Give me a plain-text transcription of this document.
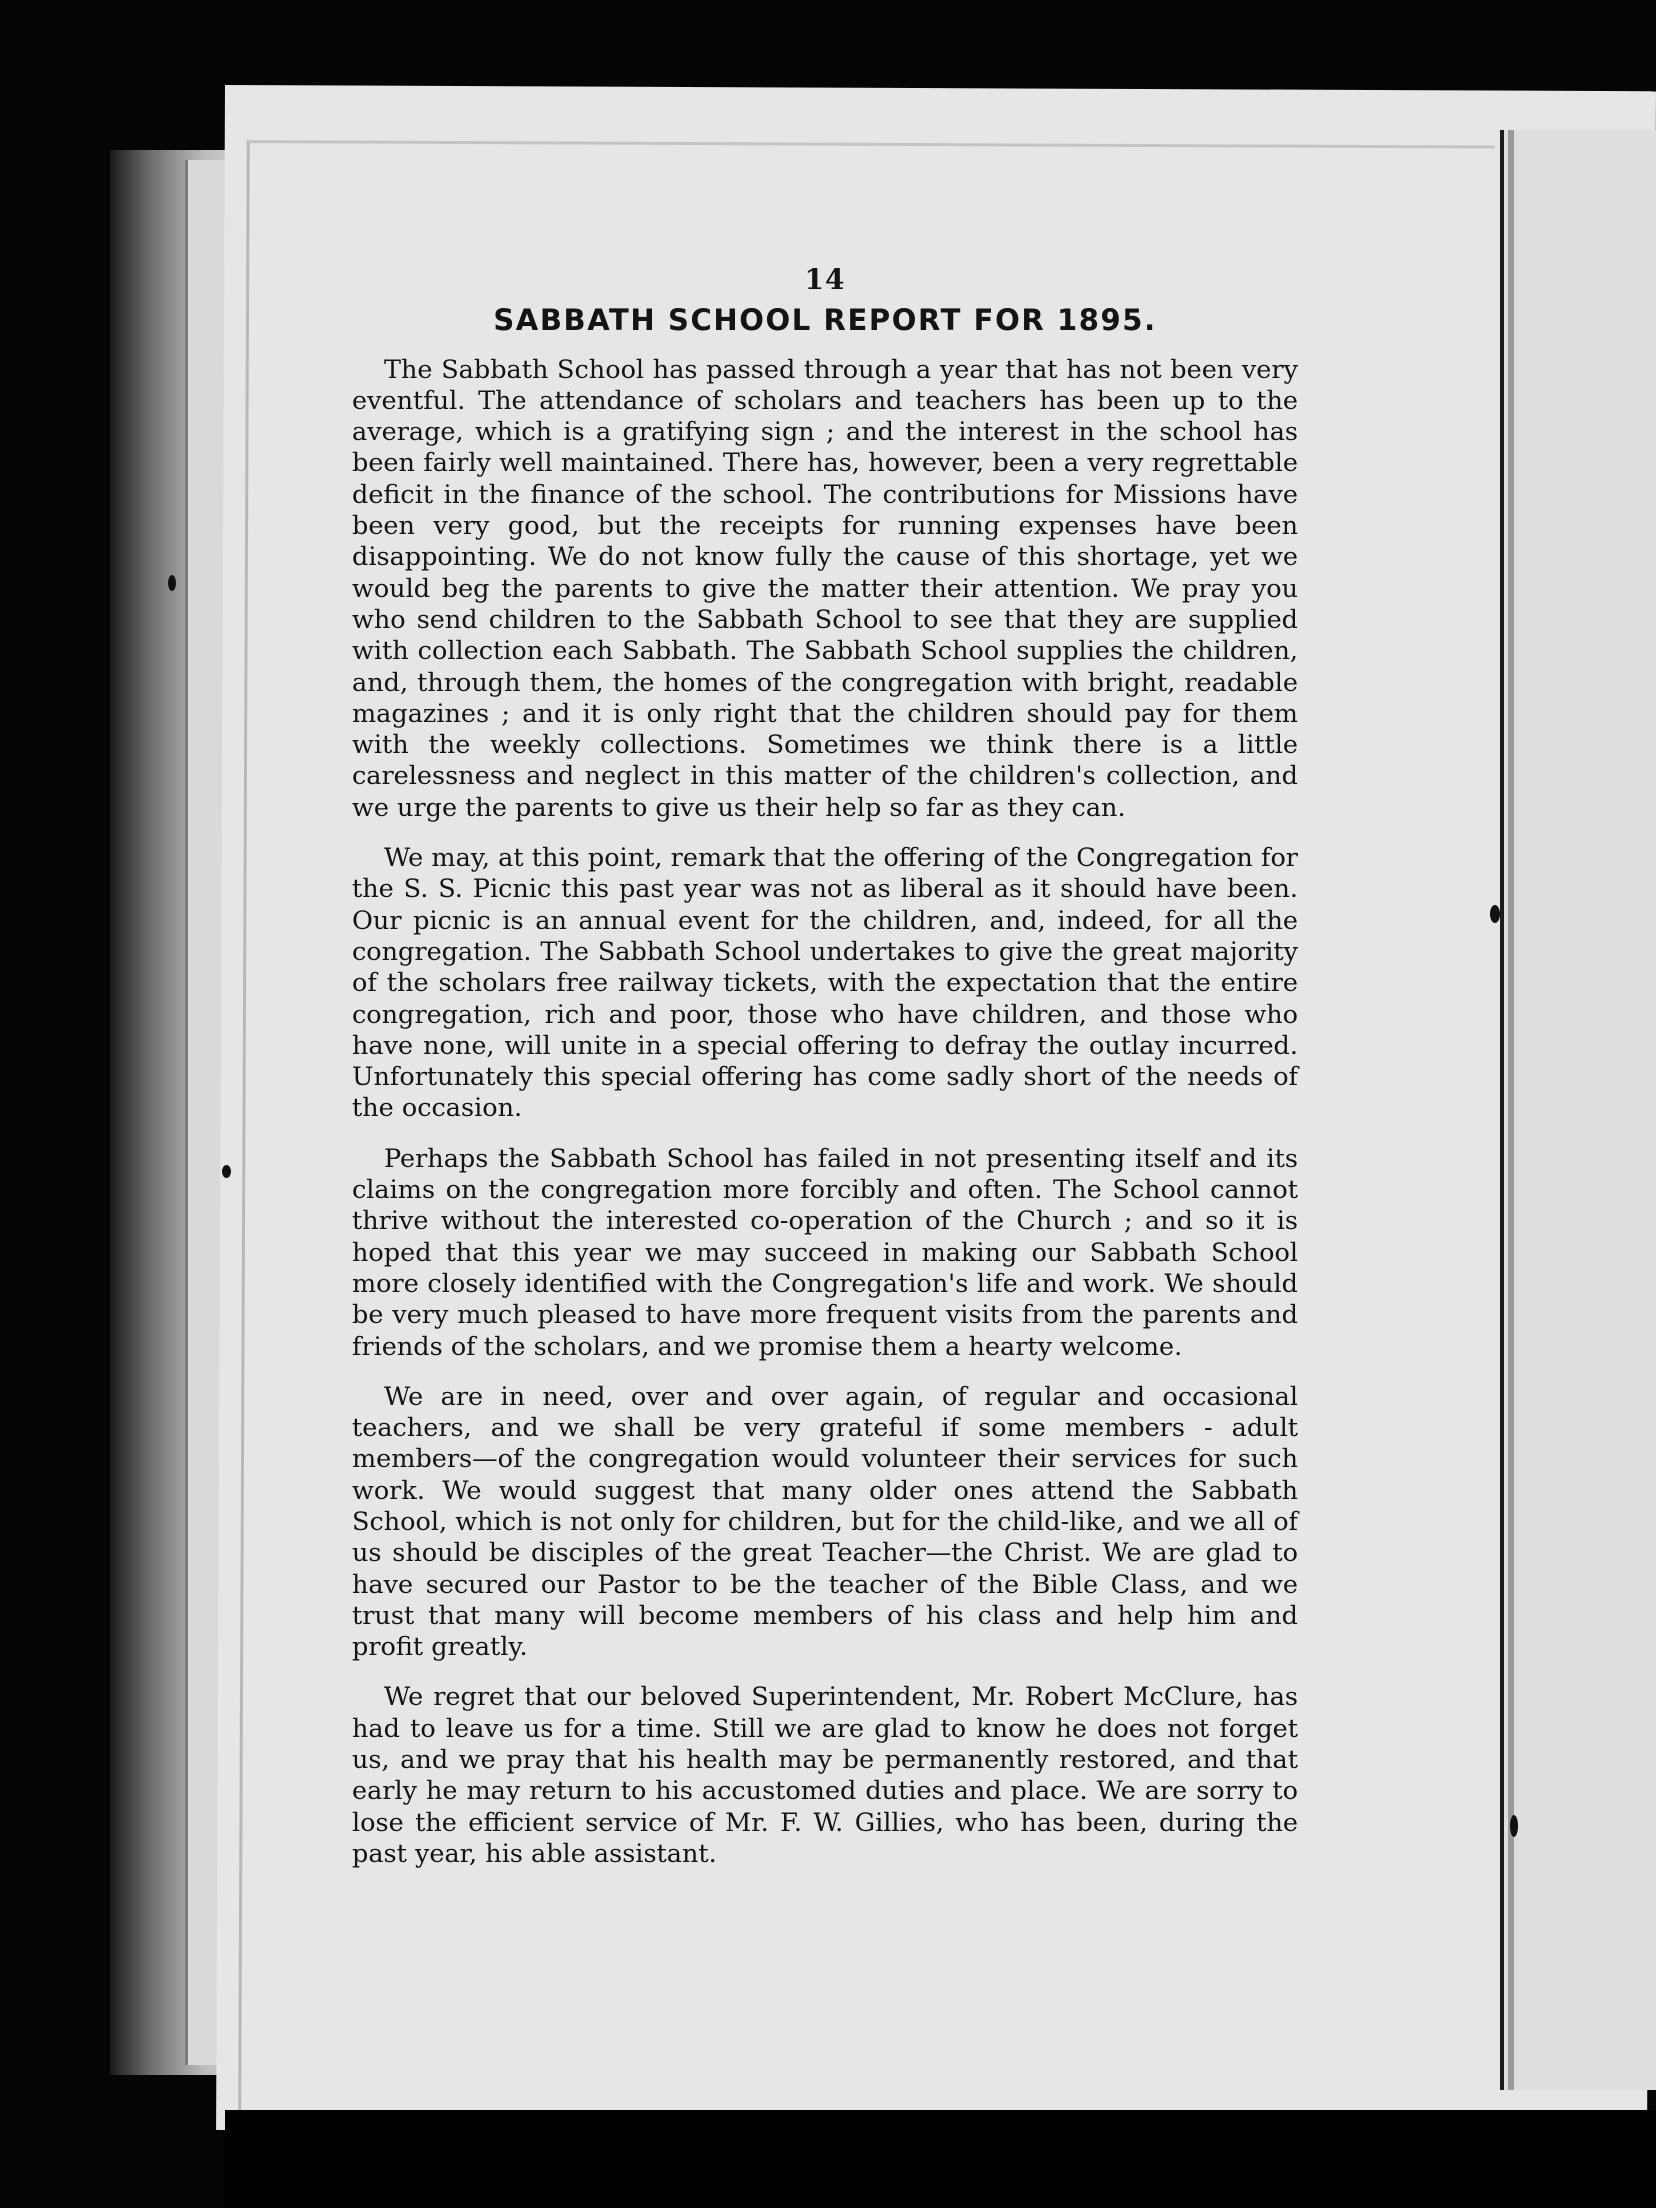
14
SABBATH SCHOOL REPORT FOR 1895.

The Sabbath School has passed through a year that has not been very eventful. The attendance of scholars and teachers has been up to the average, which is a gratifying sign ; and the interest in the school has been fairly well maintained. There has, however, been a very regrettable deficit in the finance of the school. The contributions for Missions have been very good, but the receipts for running expenses have been disappointing. We do not know fully the cause of this shortage, yet we would beg the parents to give the matter their attention. We pray you who send children to the Sabbath School to see that they are supplied with collection each Sabbath. The Sabbath School supplies the children, and, through them, the homes of the congregation with bright, readable magazines ; and it is only right that the children should pay for them with the weekly collections. Sometimes we think there is a little carelessness and neglect in this matter of the children's collection, and we urge the parents to give us their help so far as they can.

We may, at this point, remark that the offering of the Congregation for the S. S. Picnic this past year was not as liberal as it should have been. Our picnic is an annual event for the children, and, indeed, for all the congregation. The Sabbath School undertakes to give the great majority of the scholars free railway tickets, with the expectation that the entire congregation, rich and poor, those who have children, and those who have none, will unite in a special offering to defray the outlay incurred. Unfortunately this special offering has come sadly short of the needs of the occasion.

Perhaps the Sabbath School has failed in not presenting itself and its claims on the congregation more forcibly and often. The School cannot thrive without the interested co-operation of the Church ; and so it is hoped that this year we may succeed in making our Sabbath School more closely identified with the Congregation's life and work. We should be very much pleased to have more frequent visits from the parents and friends of the scholars, and we promise them a hearty welcome.

We are in need, over and over again, of regular and occasional teachers, and we shall be very grateful if some members - adult members—of the congregation would volunteer their services for such work. We would suggest that many older ones attend the Sabbath School, which is not only for children, but for the child-like, and we all of us should be disciples of the great Teacher—the Christ. We are glad to have secured our Pastor to be the teacher of the Bible Class, and we trust that many will become members of his class and help him and profit greatly.

We regret that our beloved Superintendent, Mr. Robert McClure, has had to leave us for a time. Still we are glad to know he does not forget us, and we pray that his health may be permanently restored, and that early he may return to his accustomed duties and place. We are sorry to lose the efficient service of Mr. F. W. Gillies, who has been, during the past year, his able assistant.
